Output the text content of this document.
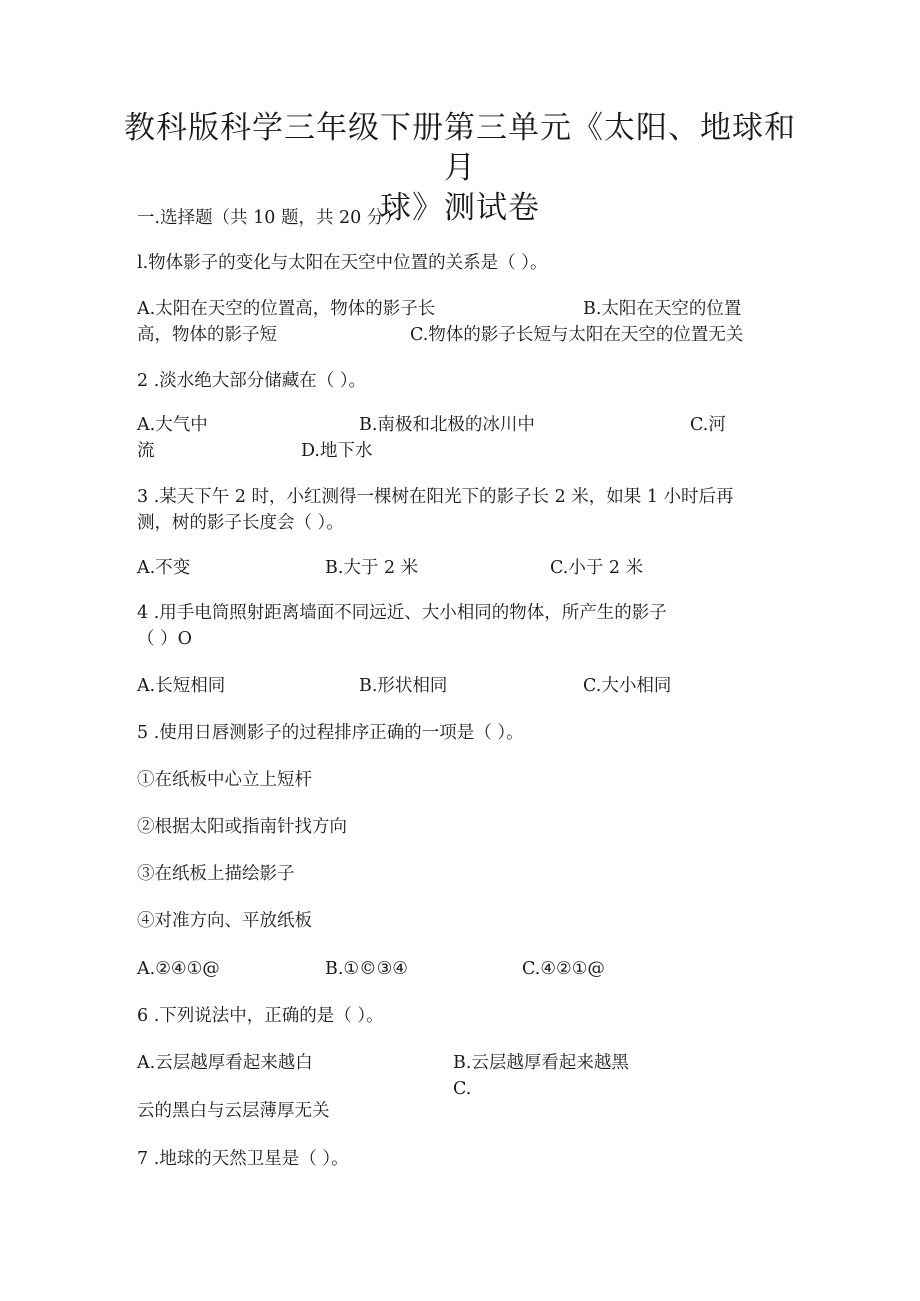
教科版科学三年级下册第三单元《太阳、地球和月
球》测试卷
一.选择题（共 10 题，共 20 分）
l.物体影子的变化与太阳在天空中位置的关系是（ ）。
A.太阳在天空的位置高，物体的影子长	B.太阳在天空的位置
高，物体的影子短	C.物体的影子长短与太阳在天空的位置无关
2 .淡水绝大部分储藏在（ ）。
A.大气中	B.南极和北极的冰川中	C.河
流	D.地下水
3 .某天下午 2 时，小红测得一棵树在阳光下的影子长 2 米，如果 1 小时后再
测，树的影子长度会（ ）。
A.不变	B.大于 2 米	C.小于 2 米
4 .用手电筒照射距离墙面不同远近、大小相同的物体，所产生的影子
（ ）O
A.长短相同	B.形状相同	C.大小相同
5 .使用日唇测影子的过程排序正确的一项是（ ）。
①在纸板中心立上短杆
②根据太阳或指南针找方向
③在纸板上描绘影子
④对准方向、平放纸板
A.②④①@	B.①©③④	C.④②①@
6 .下列说法中，正确的是（ ）。
A.云层越厚看起来越白	B.云层越厚看起来越黑
C.
云的黑白与云层薄厚无关
7 .地球的天然卫星是（ ）。
